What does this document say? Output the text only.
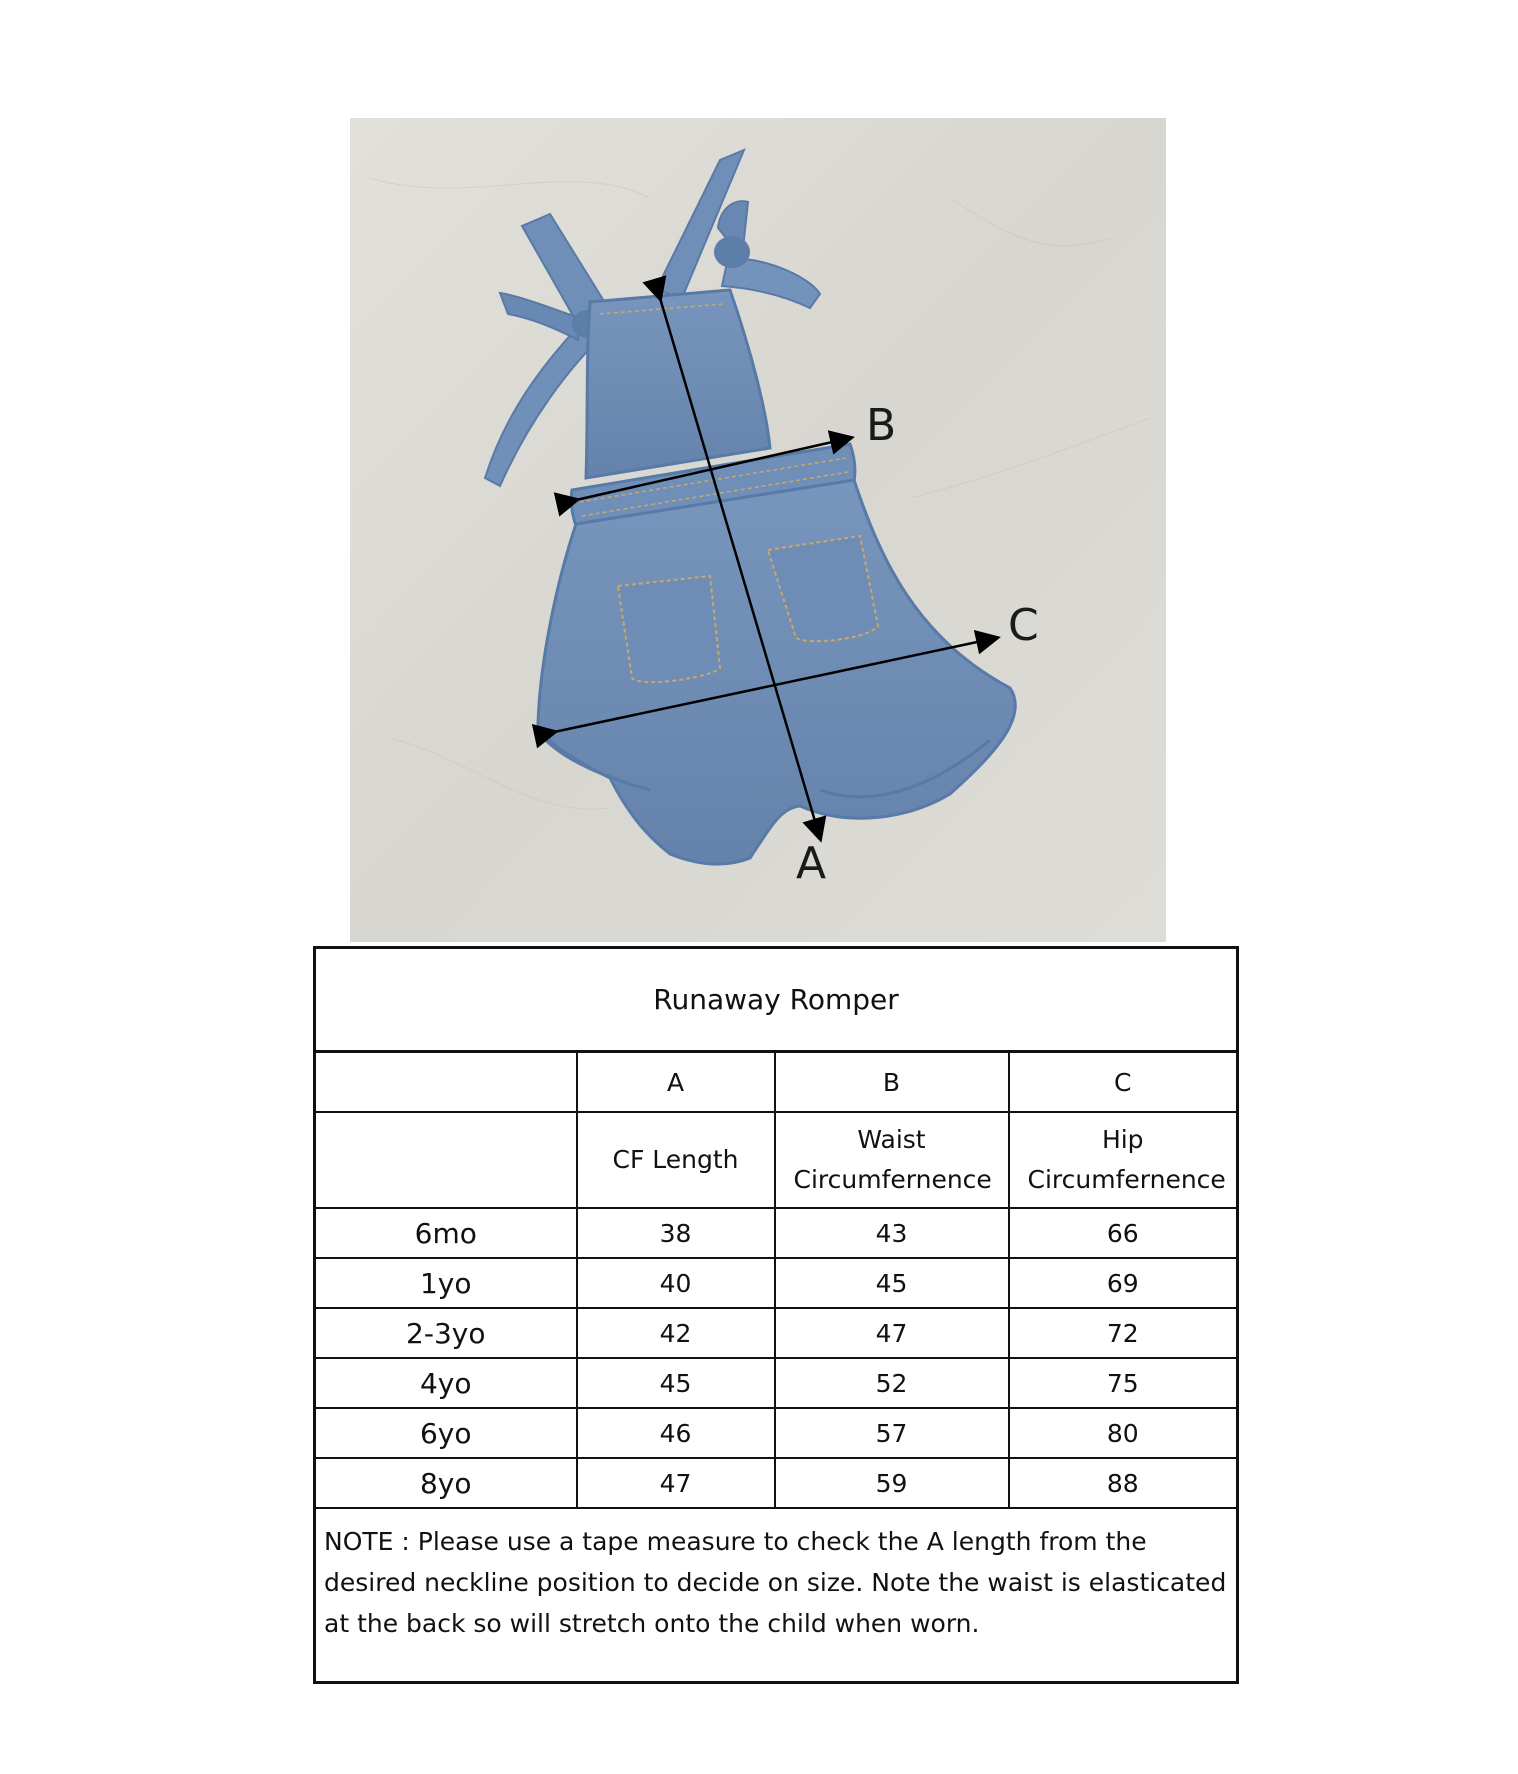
A
B
C
Runaway Romper			
	A	B	C
	CF Length	Waist Circumfernence	Hip Circumfernence
6mo	38	43	66
1yo	40	45	69
2-3yo	42	47	72
4yo	45	52	75
6yo	46	57	80
8yo	47	59	88
NOTE : Please use a tape measure to check the A length from the desired neckline position to decide on size. Note the waist is elasticated at the back so will stretch onto the child when worn.			
